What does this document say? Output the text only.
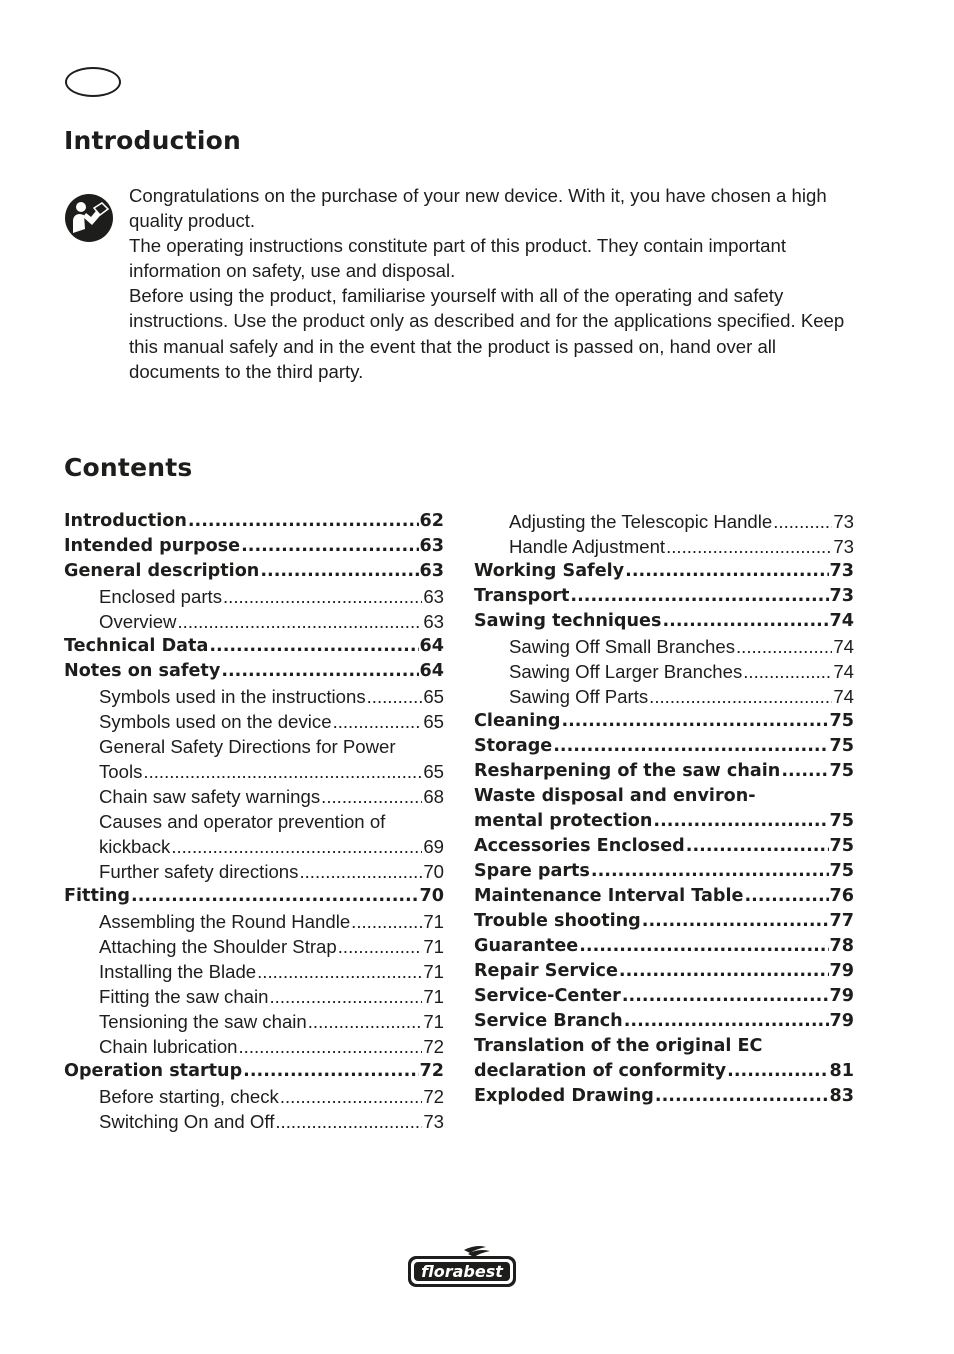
Introduction

Congratulations on the purchase of your new device. With it, you have chosen a high quality product.

The operating instructions constitute part of this product. They contain important information on safety, use and disposal.

Before using the product, familiarise yourself with all of the operating and safety instructions. Use the product only as described and for the applications specified. Keep this manual safely and in the event that the product is passed on, hand over all documents to the third party.

Contents
Introduction .....	62
Intended purpose .....	63
General description .....	63
Enclosed parts .....	63
Overview .....	63
Technical Data .....	64
Notes on safety .....	64
Symbols used in the instructions .....	65
Symbols used on the device .....	65
General Safety Directions for Power
Tools .....	65
Chain saw safety warnings .....	68
Causes and operator prevention of
kickback .....	69
Further safety directions .....	70
Fitting .....	70
Assembling the Round Handle .....	71
Attaching the Shoulder Strap .....	71
Installing the Blade .....	71
Fitting the saw chain .....	71
Tensioning the saw chain .....	71
Chain lubrication .....	72
Operation startup .....	72
Before starting, check .....	72
Switching On and Off .....	73
Adjusting the Telescopic Handle .....	73
Handle Adjustment .....	73
Working Safely .....	73
Transport .....	73
Sawing techniques .....	74
Sawing Off Small Branches .....	74
Sawing Off Larger Branches .....	74
Sawing Off Parts .....	74
Cleaning .....	75
Storage .....	75
Resharpening of the saw chain .....	75
Waste disposal and environ-
mental protection .....	75
Accessories Enclosed .....	75
Spare parts .....	75
Maintenance Interval Table .....	76
Trouble shooting .....	77
Guarantee .....	78
Repair Service .....	79
Service-Center .....	79
Service Branch .....	79
Translation of the original EC
declaration of conformity .....	81
Exploded Drawing .....	83
florabest
